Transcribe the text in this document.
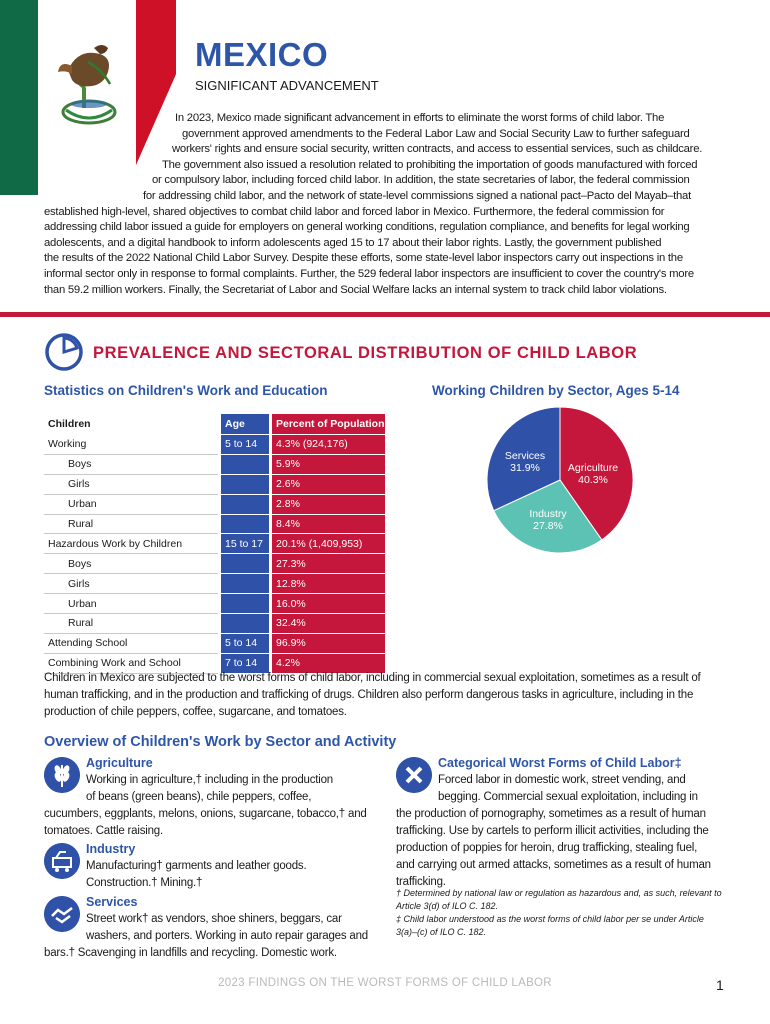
MEXICO
SIGNIFICANT ADVANCEMENT
In 2023, Mexico made significant advancement in efforts to eliminate the worst forms of child labor. The
government approved amendments to the Federal Labor Law and Social Security Law to further safeguard
workers' rights and ensure social security, written contracts, and access to essential services, such as childcare.
The government also issued a resolution related to prohibiting the importation of goods manufactured with forced
or compulsory labor, including forced child labor. In addition, the state secretaries of labor, the federal commission
for addressing child labor, and the network of state-level commissions signed a national pact–Pacto del Mayab–that
established high-level, shared objectives to combat child labor and forced labor in Mexico. Furthermore, the federal commission for
addressing child labor issued a guide for employers on general working conditions, regulation compliance, and benefits for legal working
adolescents, and a digital handbook to inform adolescents aged 15 to 17 about their labor rights. Lastly, the government published
the results of the 2022 National Child Labor Survey. Despite these efforts, some state-level labor inspectors carry out inspections in the
informal sector only in response to formal complaints. Further, the 529 federal labor inspectors are insufficient to cover the country's more
than 59.2 million workers. Finally, the Secretariat of Labor and Social Welfare lacks an internal system to track child labor violations.
PREVALENCE AND SECTORAL DISTRIBUTION OF CHILD LABOR
Statistics on Children's Work and Education	Working Children by Sector, Ages 5-14
Children		Age		Percent of Population
Working		5 to 14		4.3% (924,176)
Boys				5.9%
Girls				2.6%
Urban				2.8%
Rural				8.4%
Hazardous Work by Children		15 to 17		20.1% (1,409,953)
Boys				27.3%
Girls				12.8%
Urban				16.0%
Rural				32.4%
Attending School		5 to 14		96.9%
Combining Work and School		7 to 14		4.2%
Agriculture
40.3%
Industry
27.8%
Services
31.9%
Children in Mexico are subjected to the worst forms of child labor, including in commercial sexual exploitation, sometimes as a result of human trafficking, and in the production and trafficking of drugs. Children also perform dangerous tasks in agriculture, including in the production of chile peppers, coffee, sugarcane, and tomatoes.
Overview of Children's Work by Sector and Activity
Agriculture
Working in agriculture,† including in the production
of beans (green beans), chile peppers, coffee,
cucumbers, eggplants, melons, onions, sugarcane, tobacco,† and
tomatoes. Cattle raising.
Industry
Manufacturing† garments and leather goods.
Construction.† Mining.†
Services
Street work† as vendors, shoe shiners, beggars, car
washers, and porters. Working in auto repair garages and
bars.† Scavenging in landfills and recycling. Domestic work.
Categorical Worst Forms of Child Labor‡
Forced labor in domestic work, street vending, and
begging. Commercial sexual exploitation, including in
the production of pornography, sometimes as a result of human
trafficking. Use by cartels to perform illicit activities, including the
production of poppies for heroin, drug trafficking, stealing fuel,
and carrying out armed attacks, sometimes as a result of human
trafficking.
† Determined by national law or regulation as hazardous and, as such, relevant to
Article 3(d) of ILO C. 182.
‡ Child labor understood as the worst forms of child labor per se under Article
3(a)–(c) of ILO C. 182.
2023 FINDINGS ON THE WORST FORMS OF CHILD LABOR	1
